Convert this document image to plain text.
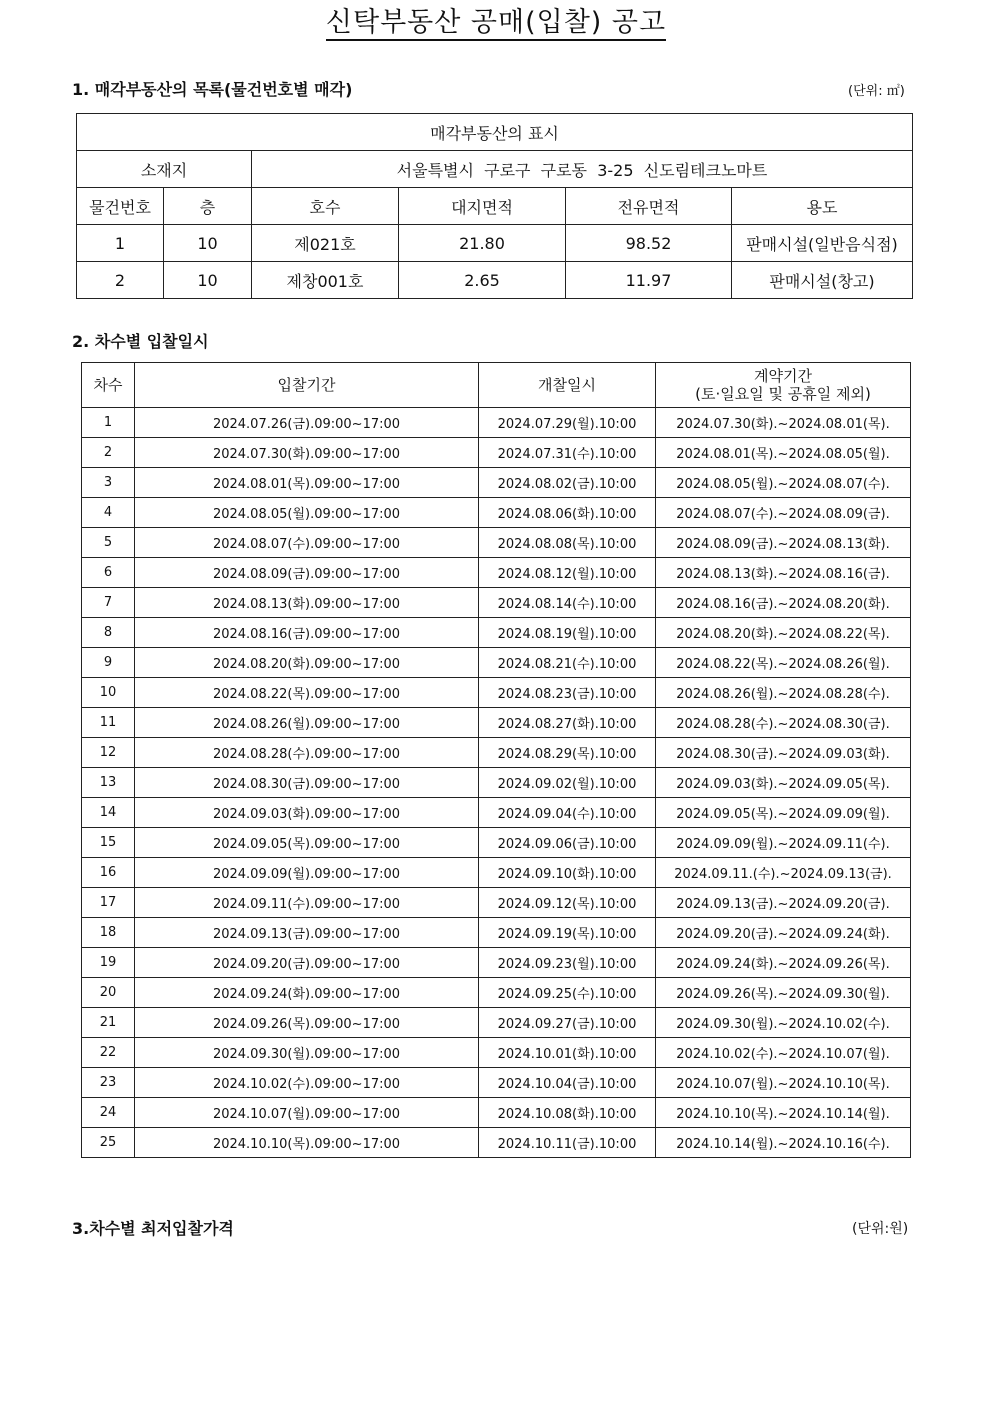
신탁부동산 공매(입찰) 공고
1. 매각부동산의 목록(물건번호별 매각)	(단위: ㎡)
매각부동산의 표시					
소재지		서울특별시  구로구  구로동  3-25  신도림테크노마트			
물건번호	층	호수	대지면적	전유면적	용도
1	10	제021호	21.80	98.52	판매시설(일반음식점)
2	10	제창001호	2.65	11.97	판매시설(창고)
2. 차수별 입찰일시
차수	입찰기간	개찰일시	계약기간
(토·일요일 및 공휴일 제외)

1	2024.07.26(금).09:00~17:00	2024.07.29(월).10:00	2024.07.30(화).~2024.08.01(목).
2	2024.07.30(화).09:00~17:00	2024.07.31(수).10:00	2024.08.01(목).~2024.08.05(월).
3	2024.08.01(목).09:00~17:00	2024.08.02(금).10:00	2024.08.05(월).~2024.08.07(수).
4	2024.08.05(월).09:00~17:00	2024.08.06(화).10:00	2024.08.07(수).~2024.08.09(금).
5	2024.08.07(수).09:00~17:00	2024.08.08(목).10:00	2024.08.09(금).~2024.08.13(화).
6	2024.08.09(금).09:00~17:00	2024.08.12(월).10:00	2024.08.13(화).~2024.08.16(금).
7	2024.08.13(화).09:00~17:00	2024.08.14(수).10:00	2024.08.16(금).~2024.08.20(화).
8	2024.08.16(금).09:00~17:00	2024.08.19(월).10:00	2024.08.20(화).~2024.08.22(목).
9	2024.08.20(화).09:00~17:00	2024.08.21(수).10:00	2024.08.22(목).~2024.08.26(월).
10	2024.08.22(목).09:00~17:00	2024.08.23(금).10:00	2024.08.26(월).~2024.08.28(수).
11	2024.08.26(월).09:00~17:00	2024.08.27(화).10:00	2024.08.28(수).~2024.08.30(금).
12	2024.08.28(수).09:00~17:00	2024.08.29(목).10:00	2024.08.30(금).~2024.09.03(화).
13	2024.08.30(금).09:00~17:00	2024.09.02(월).10:00	2024.09.03(화).~2024.09.05(목).
14	2024.09.03(화).09:00~17:00	2024.09.04(수).10:00	2024.09.05(목).~2024.09.09(월).
15	2024.09.05(목).09:00~17:00	2024.09.06(금).10:00	2024.09.09(월).~2024.09.11(수).
16	2024.09.09(월).09:00~17:00	2024.09.10(화).10:00	2024.09.11.(수).~2024.09.13(금).
17	2024.09.11(수).09:00~17:00	2024.09.12(목).10:00	2024.09.13(금).~2024.09.20(금).
18	2024.09.13(금).09:00~17:00	2024.09.19(목).10:00	2024.09.20(금).~2024.09.24(화).
19	2024.09.20(금).09:00~17:00	2024.09.23(월).10:00	2024.09.24(화).~2024.09.26(목).
20	2024.09.24(화).09:00~17:00	2024.09.25(수).10:00	2024.09.26(목).~2024.09.30(월).
21	2024.09.26(목).09:00~17:00	2024.09.27(금).10:00	2024.09.30(월).~2024.10.02(수).
22	2024.09.30(월).09:00~17:00	2024.10.01(화).10:00	2024.10.02(수).~2024.10.07(월).
23	2024.10.02(수).09:00~17:00	2024.10.04(금).10:00	2024.10.07(월).~2024.10.10(목).
24	2024.10.07(월).09:00~17:00	2024.10.08(화).10:00	2024.10.10(목).~2024.10.14(월).
25	2024.10.10(목).09:00~17:00	2024.10.11(금).10:00	2024.10.14(월).~2024.10.16(수).
3.차수별 최저입찰가격	(단위:원)
